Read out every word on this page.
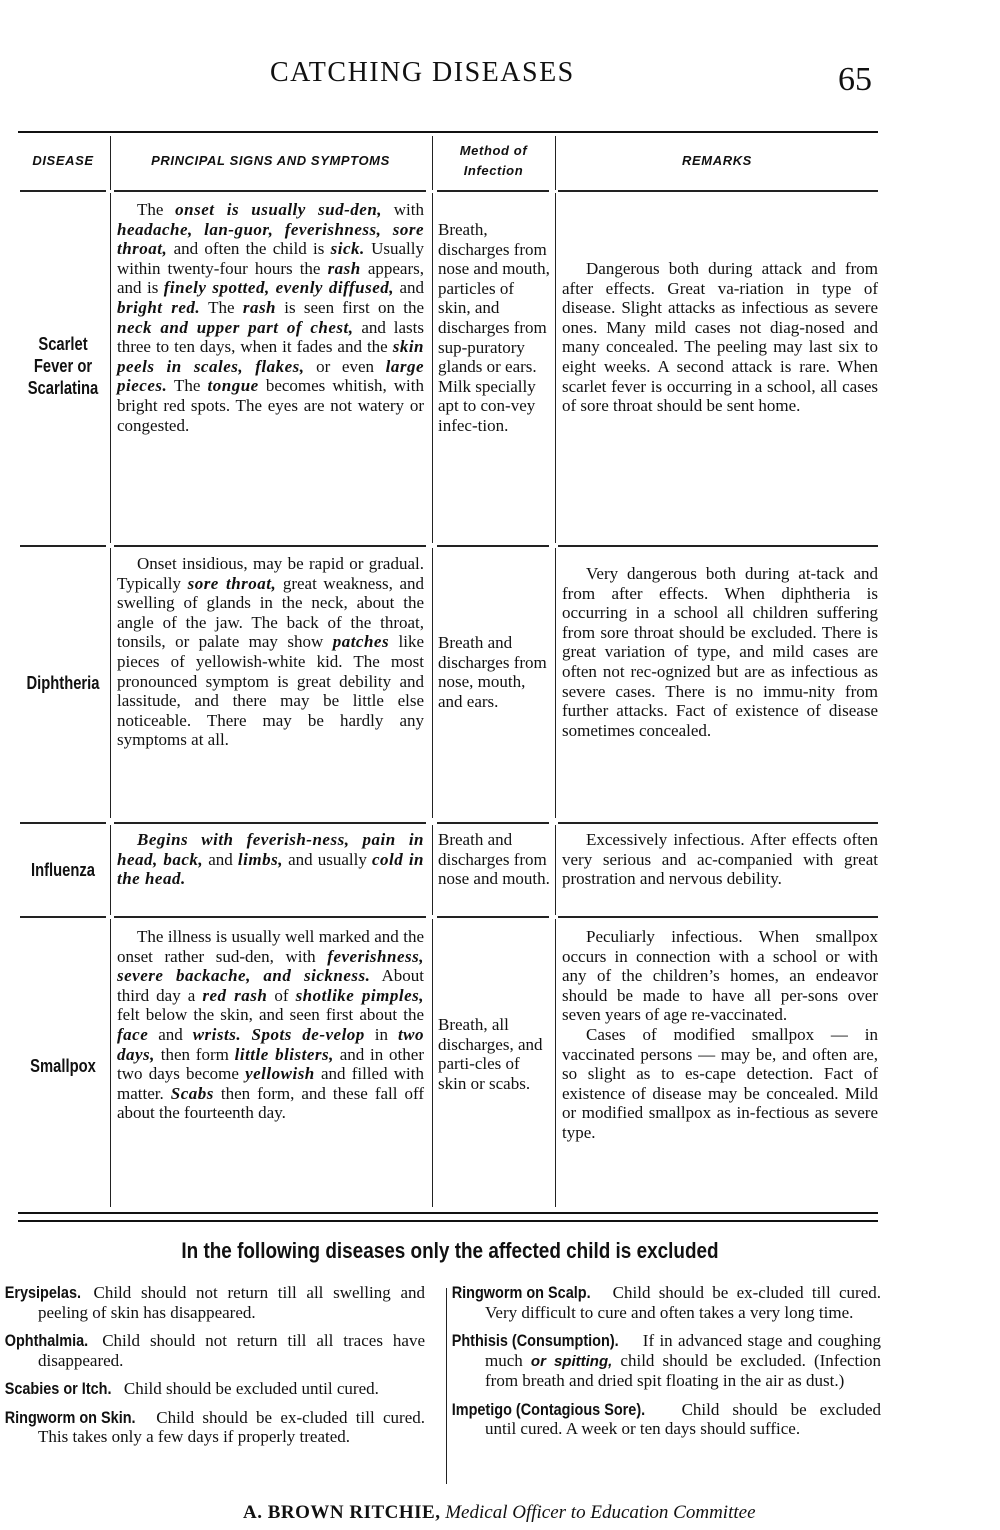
CATCHING DISEASES	65
DISEASE	PRINCIPAL SIGNS AND SYMPTOMS
Method of
Infection
REMARKS
Scarlet
Fever or
Scarlatina
The onset is usually sud-den, with headache, lan-guor, feverishness, sore throat, and often the child is sick. Usually within twenty-four hours the rash appears, and is finely spotted, evenly diffused, and bright red. The rash is seen first on the neck and upper part of chest, and lasts three to ten days, when it fades and the skin peels in scales, flakes, or even large pieces. The tongue becomes whitish, with bright red spots. The eyes are not watery or congested.
Breath, discharges from nose and mouth, particles of skin, and discharges from sup-puratory glands or ears. Milk specially apt to con-vey infec-tion.
Dangerous both during attack and from after effects. Great va-riation in type of disease. Slight attacks as infectious as severe ones. Many mild cases not diag-nosed and many concealed. The peeling may last six to eight weeks. A second attack is rare. When scarlet fever is occurring in a school, all cases of sore throat should be sent home.
Diphtheria
Onset insidious, may be rapid or gradual. Typically sore throat, great weakness, and swelling of glands in the neck, about the angle of the jaw. The back of the throat, tonsils, or palate may show patches like pieces of yellowish-white kid. The most pronounced symptom is great debility and lassitude, and there may be little else noticeable. There may be hardly any symptoms at all.
Breath and discharges from nose, mouth, and ears.
Very dangerous both during at-tack and from after effects. When diphtheria is occurring in a school all children suffering from sore throat should be excluded. There is great variation of type, and mild cases are often not rec-ognized but are as infectious as severe cases. There is no immu-nity from further attacks. Fact of existence of disease sometimes concealed.
Influenza
Begins with feverish-ness, pain in head, back, and limbs, and usually cold in the head.
Breath and discharges from nose and mouth.
Excessively infectious. After effects often very serious and ac-companied with great prostration and nervous debility.
Smallpox
The illness is usually well marked and the onset rather sud-den, with feverishness, severe backache, and sickness. About third day a red rash of shotlike pimples, felt below the skin, and seen first about the face and wrists. Spots de-velop in two days, then form little blisters, and in other two days become yellowish and filled with matter. Scabs then form, and these fall off about the fourteenth day.
Breath, all discharges, and parti-cles of skin or scabs.
Peculiarly infectious. When smallpox occurs in connection with a school or with any of the children’s homes, an endeavor should be made to have all per-sons over seven years of age re-vaccinated.
Cases of modified smallpox — in vaccinated persons — may be, and often are, so slight as to es-cape detection. Fact of existence of disease may be concealed. Mild or modified smallpox as in-fectious as severe type.
In the following diseases only the affected child is excluded
Erysipelas. Child should not return till all swelling and peeling of skin has disappeared.
Ophthalmia. Child should not return till all traces have disappeared.
Scabies or Itch. Child should be excluded until cured.
Ringworm on Skin. Child should be ex-cluded till cured. This takes only a few days if properly treated.
Ringworm on Scalp. Child should be ex-cluded till cured. Very difficult to cure and often takes a very long time.
Phthisis (Consumption). If in advanced stage and coughing much or spitting, child should be excluded. (Infection from breath and dried spit floating in the air as dust.)
Impetigo (Contagious Sore). Child should be excluded until cured. A week or ten days should suffice.
A. BROWN RITCHIE, Medical Officer to Education Committee
